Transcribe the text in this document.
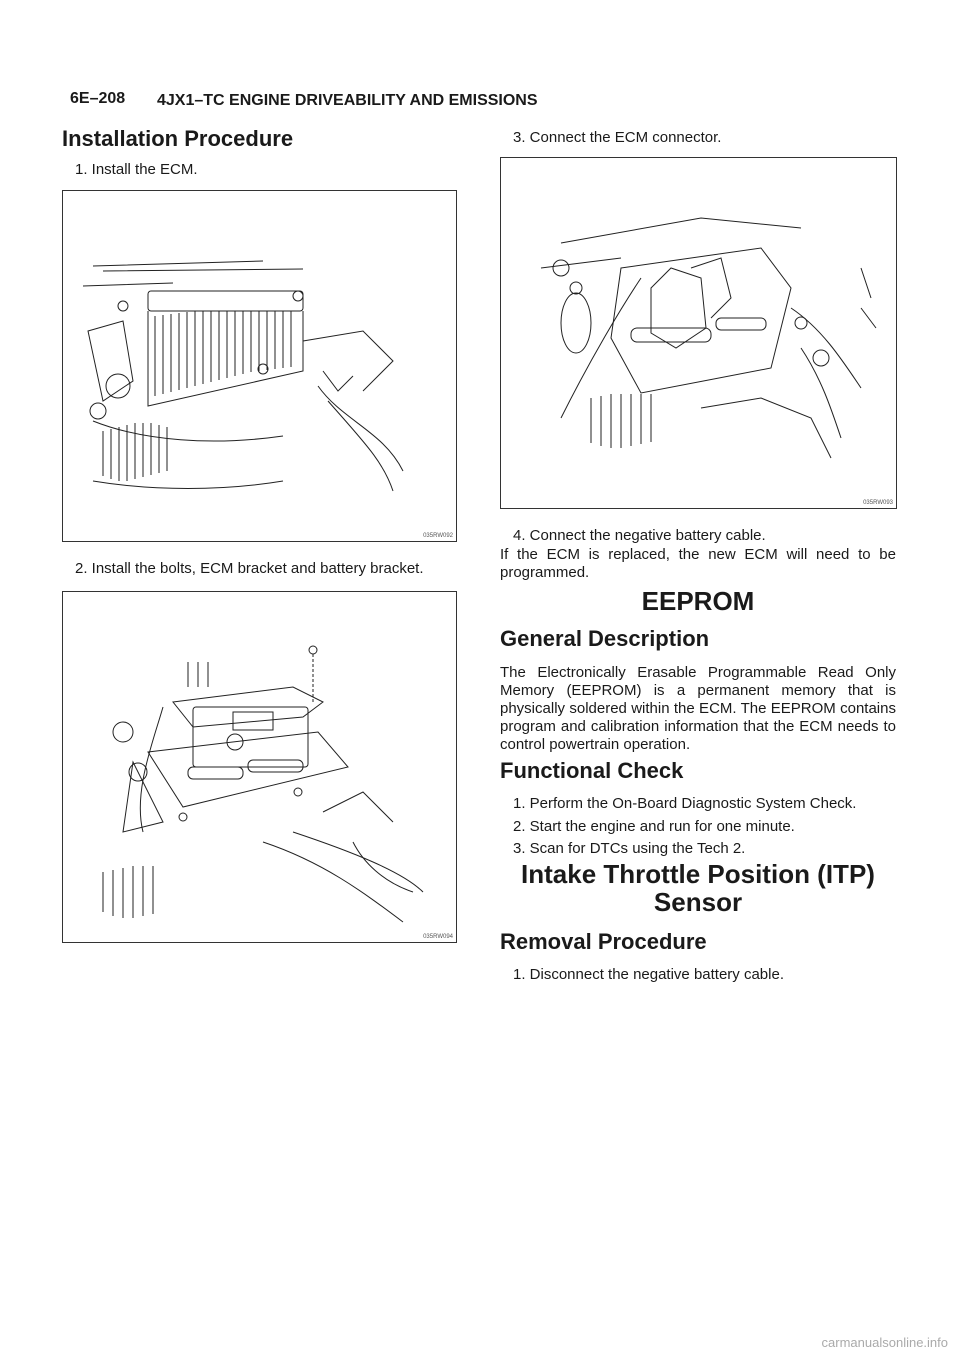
6E–208 4JX1–TC ENGINE DRIVEABILITY AND EMISSIONS
Installation Procedure
1. Install the ECM.
035RW092
2. Install the bolts, ECM bracket and battery bracket.
035RW094
3. Connect the ECM connector.
035RW093
4. Connect the negative battery cable.
If the ECM is replaced, the new ECM will need to be programmed.
EEPROM
General Description
The Electronically Erasable Programmable Read Only Memory (EEPROM) is a permanent memory that is physically soldered within the ECM. The EEPROM contains program and calibration information that the ECM needs to control powertrain operation.
Functional Check
1. Perform the On-Board Diagnostic System Check.
2. Start the engine and run for one minute.
3. Scan for DTCs using the Tech 2.
Intake Throttle Position (ITP)
Sensor
Removal Procedure
1. Disconnect the negative battery cable.
carmanualsonline.info
